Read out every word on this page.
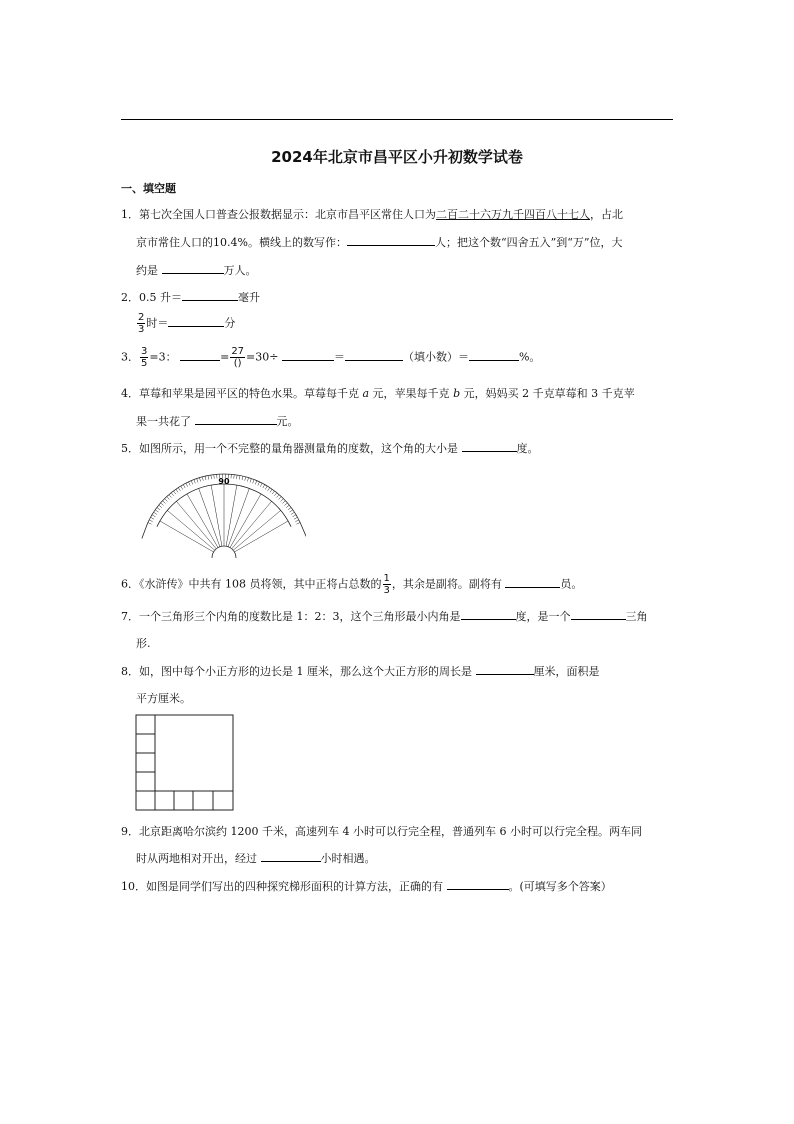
2024年北京市昌平区小升初数学试卷
一、填空题
1．第七次全国人口普查公报数据显示：北京市昌平区常住人口为二百二十六万九千四百八十七人，占北
京市常住人口的10.4%。横线上的数写作：	人；把这个数“四舍五入”到“万”位，大
约是	万人。
2．0.5 升＝	毫升
$\frac{2}{3}$ 时＝	分
3． $\frac{3}{5} =3$：	= $\frac{27}{()} =30\div$	＝	（填小数）＝	%。
4．草莓和苹果是园平区的特色水果。草莓每千克 a 元，苹果每千克 b 元，妈妈买 2 千克草莓和 3 千克苹
果一共花了	元。
5．如图所示，用一个不完整的量角器测量角的度数，这个角的大小是	度。
90
6．《水浒传》中共有 108 员将领，其中正将占总数的 $\frac{1}{3}$ ，其余是副将。副将有	员。
7．一个三角形三个内角的度数比是 1：2：3，这个三角形最小内角是	度，是一个	三角
形.
8．如，图中每个小正方形的边长是 1 厘米，那么这个大正方形的周长是	厘米，面积是
平方厘米。
9．北京距离哈尔滨约 1200 千米，高速列车 4 小时可以行完全程，普通列车 6 小时可以行完全程。两车同
时从两地相对开出，经过	小时相遇。
10．如图是同学们写出的四种探究梯形面积的计算方法，正确的有	。(可填写多个答案）
